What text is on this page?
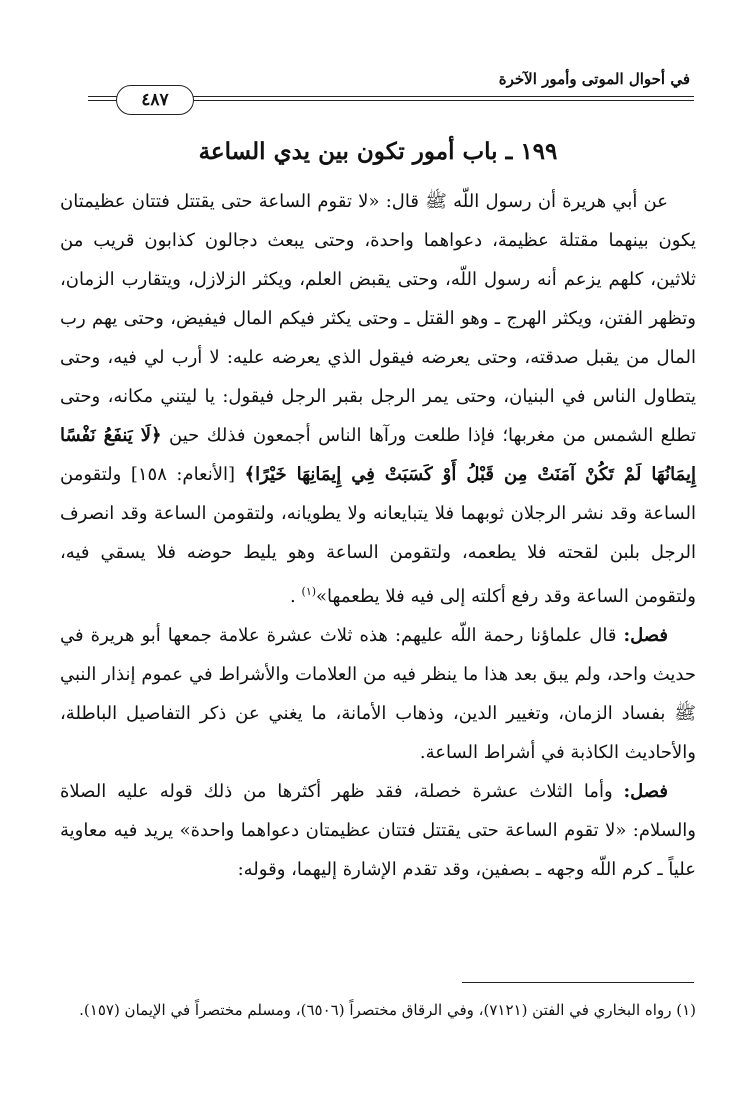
في أحوال الموتى وأمور الآخرة
٤٨٧
١٩٩ ـ باب أمور تكون بين يدي الساعة

عن أبي هريرة أن رسول اللّه ﷺ قال: «لا تقوم الساعة حتى يقتتل فتتان عظيمتان يكون بينهما مقتلة عظيمة، دعواهما واحدة، وحتى يبعث دجالون كذابون قريب من ثلاثين، كلهم يزعم أنه رسول اللّه، وحتى يقبض العلم، ويكثر الزلازل، ويتقارب الزمان، وتظهر الفتن، ويكثر الهرج ـ وهو القتل ـ وحتى يكثر فيكم المال فيفيض، وحتى يهم رب المال من يقبل صدقته، وحتى يعرضه فيقول الذي يعرضه عليه: لا أرب لي فيه، وحتى يتطاول الناس في البنيان، وحتى يمر الرجل بقبر الرجل فيقول: يا ليتني مكانه، وحتى تطلع الشمس من مغربها؛ فإذا طلعت ورآها الناس أجمعون فذلك حين ﴿لَا يَنفَعُ نَفْسًا إِيمَانُهَا لَمْ تَكُنْ آمَنَتْ مِن قَبْلُ أَوْ كَسَبَتْ فِي إِيمَانِهَا خَيْرًا﴾ [الأنعام: ١٥٨] ولتقومن الساعة وقد نشر الرجلان ثوبهما فلا يتبايعانه ولا يطويانه، ولتقومن الساعة وقد انصرف الرجل بلبن لقحته فلا يطعمه، ولتقومن الساعة وهو يليط حوضه فلا يسقي فيه، ولتقومن الساعة وقد رفع أكلته إلى فيه فلا يطعمها»$^{(١)}$ .

فصل: قال علماؤنا رحمة اللّه عليهم: هذه ثلاث عشرة علامة جمعها أبو هريرة في حديث واحد، ولم يبق بعد هذا ما ينظر فيه من العلامات والأشراط في عموم إنذار النبي ﷺ بفساد الزمان، وتغيير الدين، وذهاب الأمانة، ما يغني عن ذكر التفاصيل الباطلة، والأحاديث الكاذبة في أشراط الساعة.

فصل: وأما الثلاث عشرة خصلة، فقد ظهر أكثرها من ذلك قوله عليه الصلاة والسلام: «لا تقوم الساعة حتى يقتتل فتتان عظيمتان دعواهما واحدة» يريد فيه معاوية علياً ـ كرم اللّه وجهه ـ بصفين، وقد تقدم الإشارة إليهما، وقوله:

(١) رواه البخاري في الفتن (٧١٢١)، وفي الرقاق مختصراً (٦٥٠٦)، ومسلم مختصراً في الإيمان (١٥٧).
